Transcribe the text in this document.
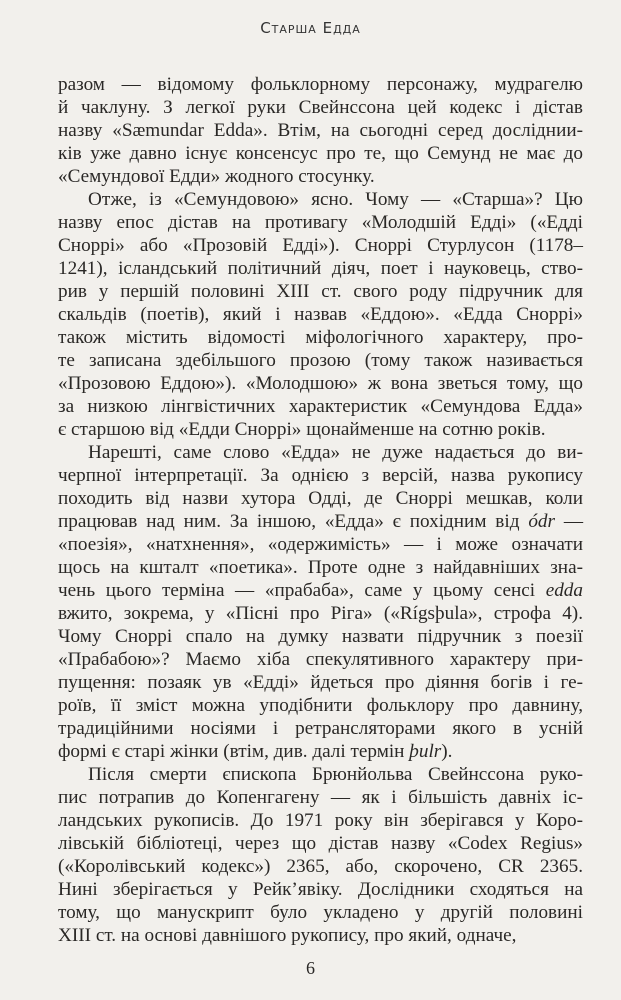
Старша Едда
разом — відомому фольклорному персонажу, мудрагелю
й чаклуну. З легкої руки Свейнссона цей кодекс і дістав
назву «Sæmundar Edda». Втім, на сьогодні серед досліднии-
ків уже давно існує консенсус про те, що Семунд не має до
«Семундової Едди» жодного стосунку.
Отже, із «Семундовою» ясно. Чому — «Старша»? Цю
назву епос дістав на противагу «Молодшій Едді» («Едді
Сноррі» або «Прозовій Едді»). Сноррі Стурлусон (1178–
1241), ісландський політичний діяч, поет і науковець, ство-
рив у першій половині XIII ст. свого роду підручник для
скальдів (поетів), який і назвав «Еддою». «Едда Сноррі»
також містить відомості міфологічного характеру, про-
те записана здебільшого прозою (тому також називається
«Прозовою Еддою»). «Молодшою» ж вона зветься тому, що
за низкою лінгвістичних характеристик «Семундова Едда»
є старшою від «Едди Сноррі» щонайменше на сотню років.
Нарешті, саме слово «Едда» не дуже надається до ви-
черпної інтерпретації. За однією з версій, назва рукопису
походить від назви хутора Одді, де Сноррі мешкав, коли
працював над ним. За іншою, «Едда» є похідним від ódr —
«поезія», «натхнення», «одержимість» — і може означати
щось на кшталт «поетика». Проте одне з найдавніших зна-
чень цього терміна — «прабаба», саме у цьому сенсі edda
вжито, зокрема, у «Пісні про Ріга» («Rígsþula», строфа 4).
Чому Сноррі спало на думку назвати підручник з поезії
«Прабабою»? Маємо хіба спекулятивного характеру при-
пущення: позаяк ув «Едді» йдеться про діяння богів і ге-
роїв, її зміст можна уподібнити фольклору про давнину,
традиційними носіями і ретрансляторами якого в усній
формі є старі жінки (втім, див. далі термін þulr).
Після смерти єпископа Брюнйольва Свейнссона руко-
пис потрапив до Копенгагену — як і більшість давніх іс-
ландських рукописів. До 1971 року він зберігався у Коро-
лівській бібліотеці, через що дістав назву «Codex Regius»
(«Королівський кодекс») 2365, або, скорочено, CR 2365.
Нині зберігається у Рейк’явіку. Дослідники сходяться на
тому, що манускрипт було укладено у другій половині
XIII ст. на основі давнішого рукопису, про який, одначе,
6
